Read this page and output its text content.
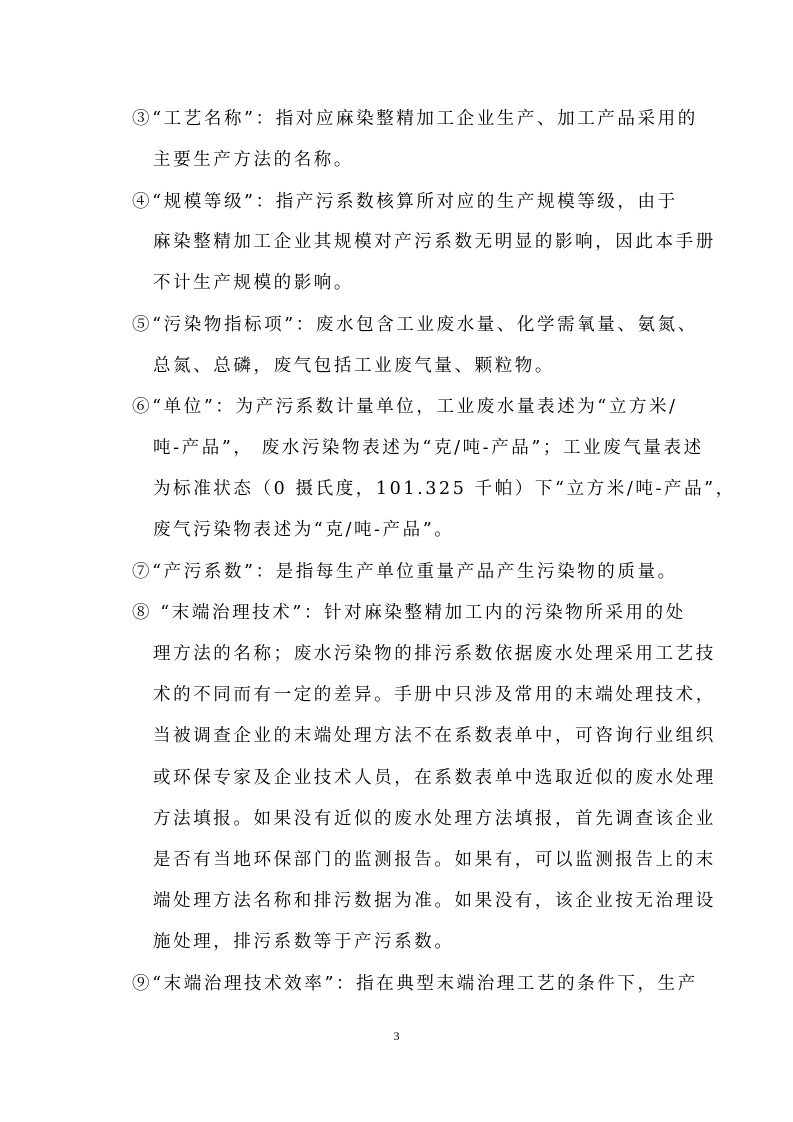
③“工艺名称”：指对应麻染整精加工企业生产、加工产品采用的
主要生产方法的名称。
④“规模等级”：指产污系数核算所对应的生产规模等级，由于
麻染整精加工企业其规模对产污系数无明显的影响，因此本手册
不计生产规模的影响。
⑤“污染物指标项”：废水包含工业废水量、化学需氧量、氨氮、
总氮、总磷，废气包括工业废气量、颗粒物。
⑥“单位”：为产污系数计量单位，工业废水量表述为“立方米/
吨-产品”， 废水污染物表述为“克/吨-产品”；工业废气量表述
为标准状态（0 摄氏度，101.325 千帕）下“立方米/吨-产品”，
废气污染物表述为“克/吨-产品”。
⑦“产污系数”：是指每生产单位重量产品产生污染物的质量。
⑧ “末端治理技术”：针对麻染整精加工内的污染物所采用的处
理方法的名称；废水污染物的排污系数依据废水处理采用工艺技
术的不同而有一定的差异。手册中只涉及常用的末端处理技术，
当被调查企业的末端处理方法不在系数表单中，可咨询行业组织
或环保专家及企业技术人员，在系数表单中选取近似的废水处理
方法填报。如果没有近似的废水处理方法填报，首先调查该企业
是否有当地环保部门的监测报告。如果有，可以监测报告上的末
端处理方法名称和排污数据为准。如果没有，该企业按无治理设
施处理，排污系数等于产污系数。
⑨“末端治理技术效率”：指在典型末端治理工艺的条件下，生产
3
